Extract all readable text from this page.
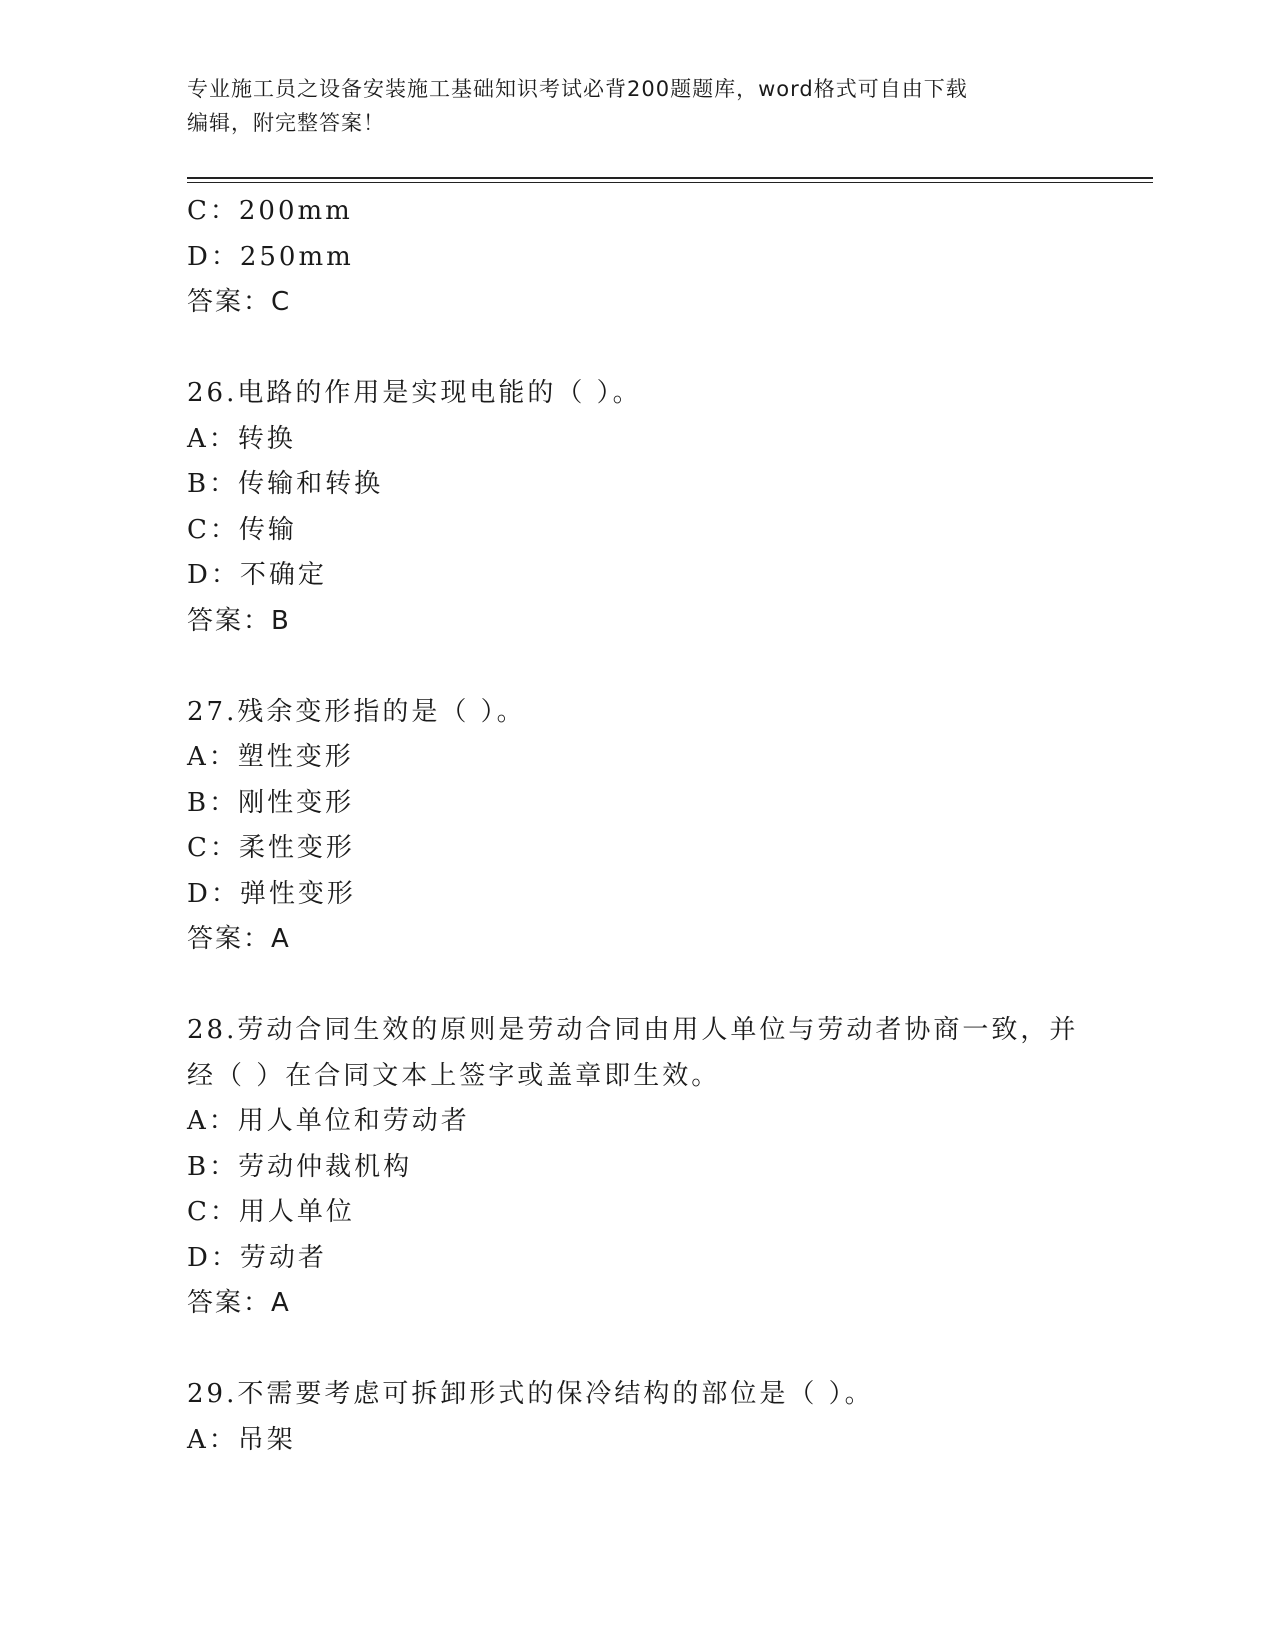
专业施工员之设备安装施工基础知识考试必背200题题库，word格式可自由下载
编辑，附完整答案！
C：200mm
D：250mm
答案：C
26.电路的作用是实现电能的（ ）。
A：转换
B：传输和转换
C：传输
D：不确定
答案：B
27.残余变形指的是（ ）。
A：塑性变形
B：刚性变形
C：柔性变形
D：弹性变形
答案：A
28.劳动合同生效的原则是劳动合同由用人单位与劳动者协商一致，并
经（ ）在合同文本上签字或盖章即生效。
A：用人单位和劳动者
B：劳动仲裁机构
C：用人单位
D：劳动者
答案：A
29.不需要考虑可拆卸形式的保冷结构的部位是（ ）。
A：吊架
